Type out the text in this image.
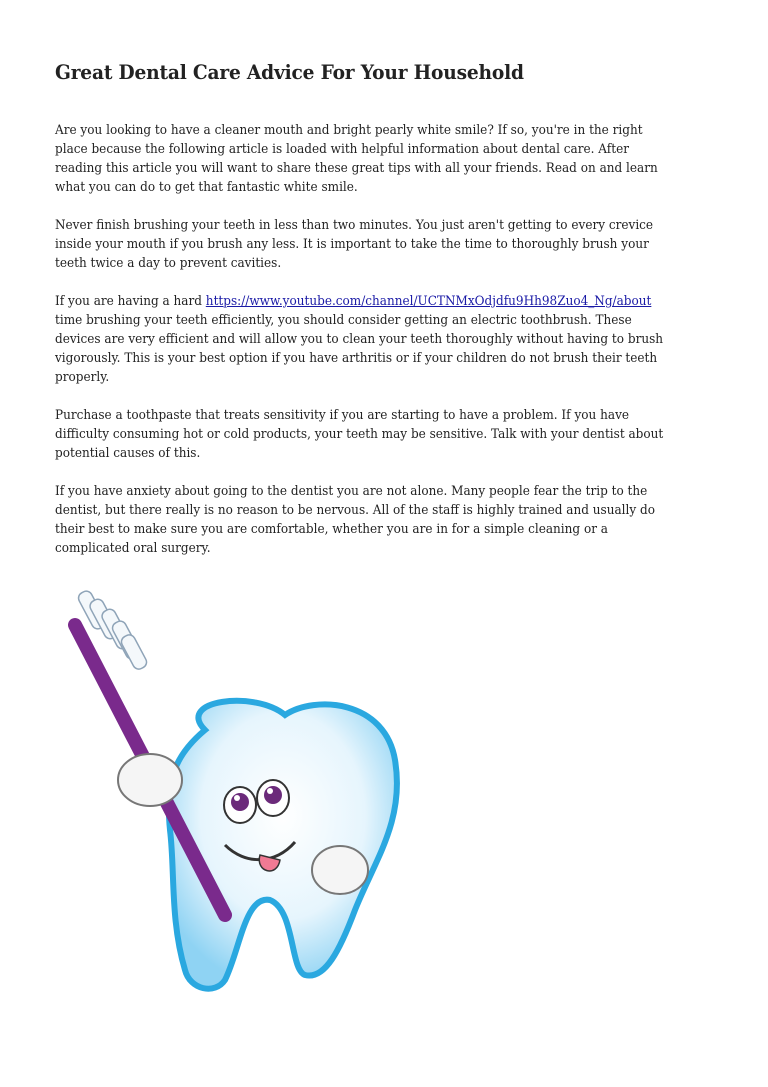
Great Dental Care Advice For Your Household

Are you looking to have a cleaner mouth and bright pearly white smile? If so, you're in the right
place because the following article is loaded with helpful information about dental care. After
reading this article you will want to share these great tips with all your friends. Read on and learn
what you can do to get that fantastic white smile.

Never finish brushing your teeth in less than two minutes. You just aren't getting to every crevice
inside your mouth if you brush any less. It is important to take the time to thoroughly brush your
teeth twice a day to prevent cavities.

If you are having a hard https://www.youtube.com/channel/UCTNMxOdjdfu9Hh98Zuo4_Ng/about
time brushing your teeth efficiently, you should consider getting an electric toothbrush. These
devices are very efficient and will allow you to clean your teeth thoroughly without having to brush
vigorously. This is your best option if you have arthritis or if your children do not brush their teeth
properly.

Purchase a toothpaste that treats sensitivity if you are starting to have a problem. If you have
difficulty consuming hot or cold products, your teeth may be sensitive. Talk with your dentist about
potential causes of this.

If you have anxiety about going to the dentist you are not alone. Many people fear the trip to the
dentist, but there really is no reason to be nervous. All of the staff is highly trained and usually do
their best to make sure you are comfortable, whether you are in for a simple cleaning or a
complicated oral surgery.
